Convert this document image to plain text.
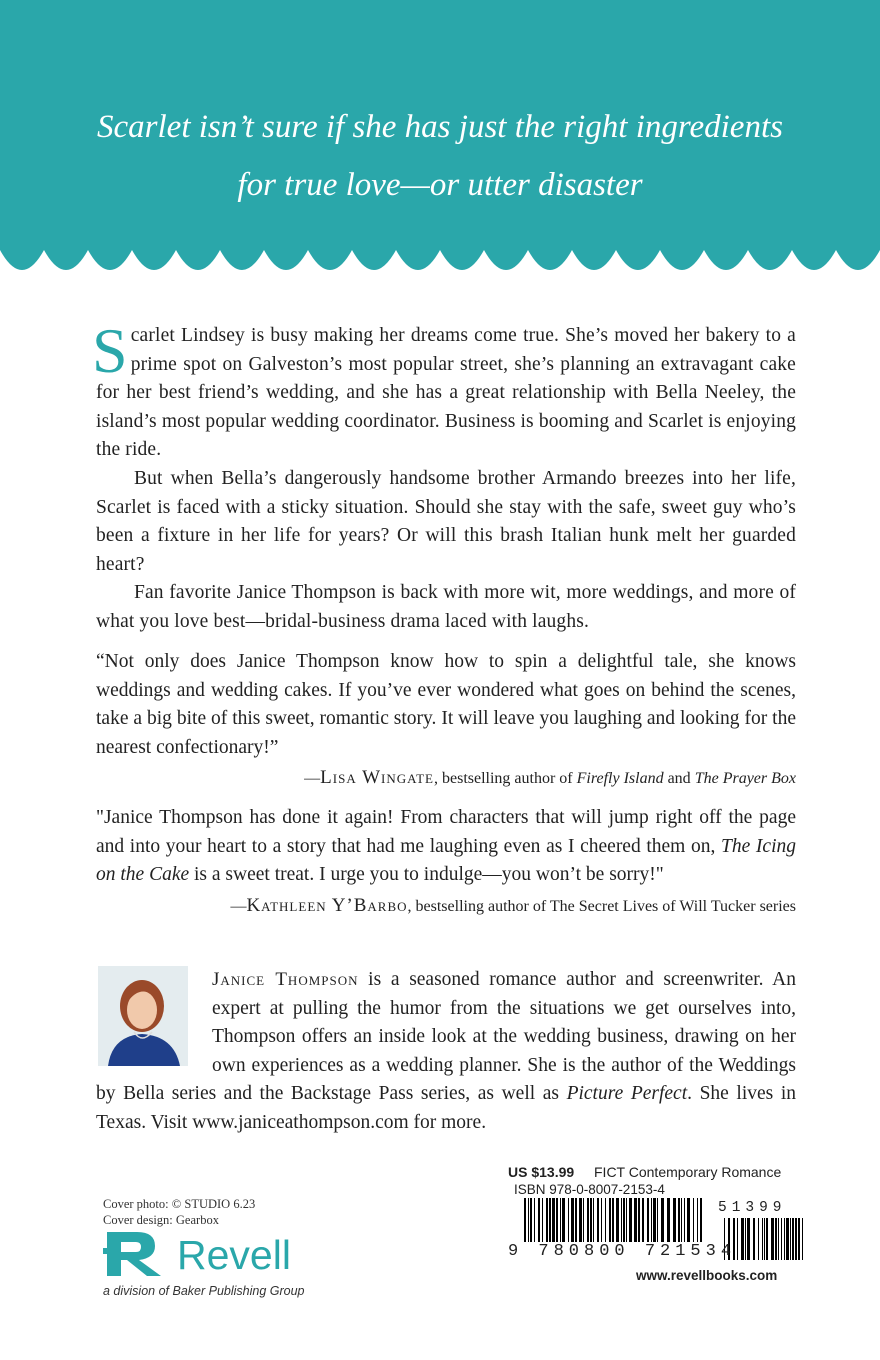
Scarlet isn’t sure if she has just the right ingredients
for true love—or utter disaster

Scarlet Lindsey is busy making her dreams come true. She’s moved her bakery to a prime spot on Galveston’s most popular street, she’s planning an extravagant cake for her best friend’s wedding, and she has a great relationship with Bella Neeley, the island’s most popular wedding coordinator. Business is booming and Scarlet is enjoying the ride.

But when Bella’s dangerously handsome brother Armando breezes into her life, Scarlet is faced with a sticky situation. Should she stay with the safe, sweet guy who’s been a fixture in her life for years? Or will this brash Italian hunk melt her guarded heart?

Fan favorite Janice Thompson is back with more wit, more weddings, and more of what you love best—bridal-business drama laced with laughs.

“Not only does Janice Thompson know how to spin a delightful tale, she knows weddings and wedding cakes. If you’ve ever wondered what goes on behind the scenes, take a big bite of this sweet, romantic story. It will leave you laughing and looking for the nearest confectionary!”

—Lisa Wingate, bestselling author of Firefly Island and The Prayer Box

"Janice Thompson has done it again! From characters that will jump right off the page and into your heart to a story that had me laughing even as I cheered them on, The Icing on the Cake is a sweet treat. I urge you to indulge—you won’t be sorry!"

—Kathleen Y’Barbo, bestselling author of The Secret Lives of Will Tucker series

Janice Thompson is a seasoned romance author and screenwriter. An expert at pulling the humor from the situations we get ourselves into, Thompson offers an inside look at the wedding business, drawing on her own experiences as a wedding planner. She is the author of the Weddings by Bella series and the Backstage Pass series, as well as Picture Perfect. She lives in Texas. Visit www.janiceathompson.com for more.

Cover photo: © STUDIO 6.23
Cover design: Gearbox
Revell
a division of Baker Publishing Group
US $13.99 FICT Contemporary Romance
ISBN 978-0-8007-2153-4
9 780800 721534
51399
www.revellbooks.com
